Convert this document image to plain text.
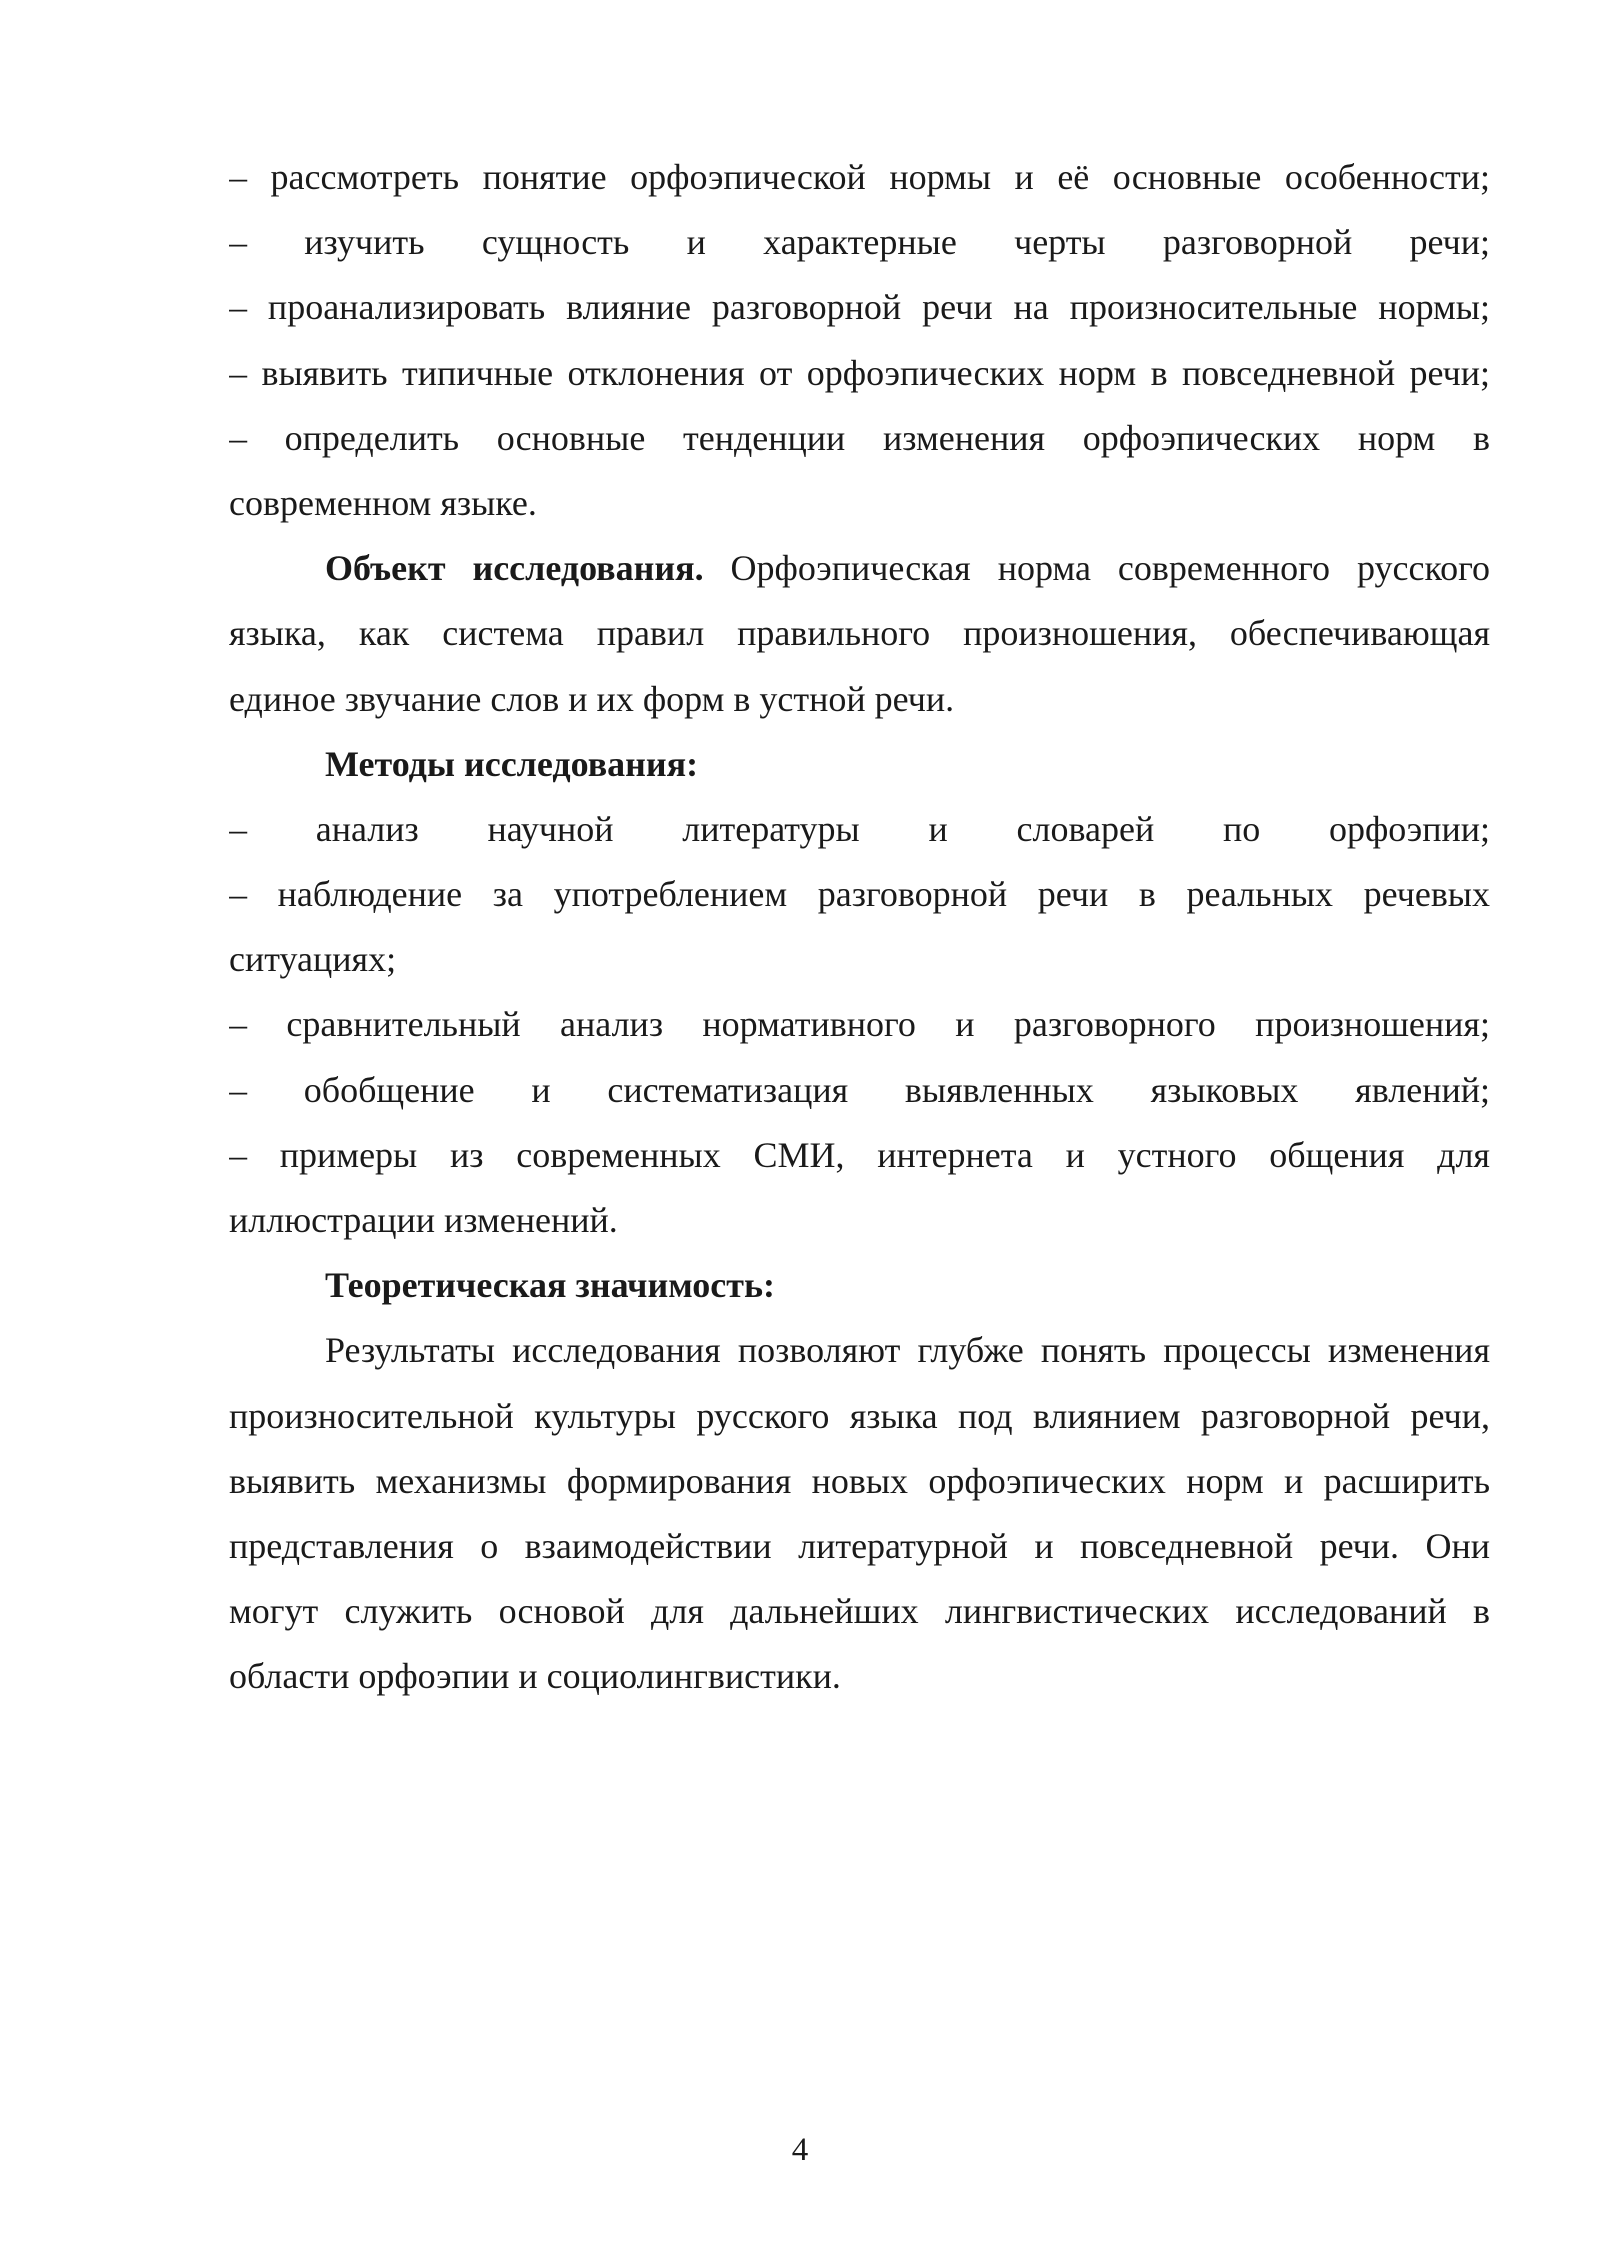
– рассмотреть понятие орфоэпической нормы и её основные особенности;
– изучить сущность и характерные черты разговорной речи;
– проанализировать влияние разговорной речи на произносительные нормы;
– выявить типичные отклонения от орфоэпических норм в повседневной речи;
– определить основные тенденции изменения орфоэпических норм в
современном языке.
Объект исследования. Орфоэпическая норма современного русского
языка, как система правил правильного произношения, обеспечивающая
единое звучание слов и их форм в устной речи.
Методы исследования:
– анализ научной литературы и словарей по орфоэпии;
– наблюдение за употреблением разговорной речи в реальных речевых
ситуациях;
– сравнительный анализ нормативного и разговорного произношения;
– обобщение и систематизация выявленных языковых явлений;
– примеры из современных СМИ, интернета и устного общения для
иллюстрации изменений.
Теоретическая значимость:
Результаты исследования позволяют глубже понять процессы изменения
произносительной культуры русского языка под влиянием разговорной речи,
выявить механизмы формирования новых орфоэпических норм и расширить
представления о взаимодействии литературной и повседневной речи. Они
могут служить основой для дальнейших лингвистических исследований в
области орфоэпии и социолингвистики.
4
